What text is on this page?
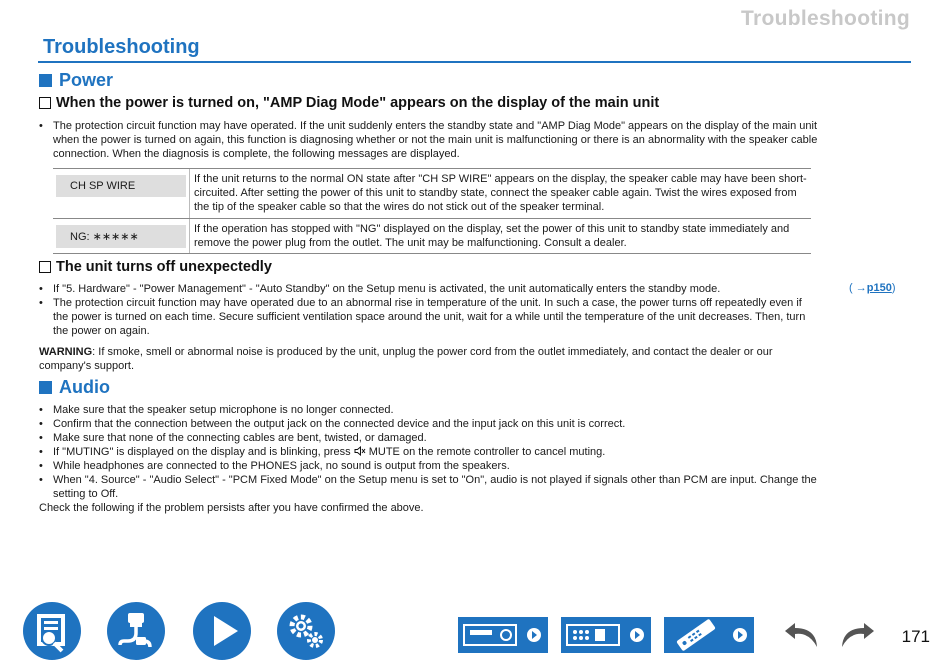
Troubleshooting
Troubleshooting
Power
When the power is turned on, "AMP Diag Mode" appears on the display of the main unit
• The protection circuit function may have operated. If the unit suddenly enters the standby state and "AMP Diag Mode" appears on the display of the main unit when the power is turned on again, this function is diagnosing whether or not the main unit is malfunctioning or there is an abnormality with the speaker cable connection. When the diagnosis is complete, the following messages are displayed.
CH SP WIRE
If the unit returns to the normal ON state after "CH SP WIRE" appears on the display, the speaker cable may have been short-circuited. After setting the power of this unit to standby state, connect the speaker cable again. Twist the wires exposed from the tip of the speaker cable so that the wires do not stick out of the speaker terminal.
NG: ∗∗∗∗∗
If the operation has stopped with "NG" displayed on the display, set the power of this unit to standby state immediately and remove the power plug from the outlet. The unit may be malfunctioning. Consult a dealer.
The unit turns off unexpectedly
• If "5. Hardware" - "Power Management" - "Auto Standby" on the Setup menu is activated, the unit automatically enters the standby mode.	( →p150)
• The protection circuit function may have operated due to an abnormal rise in temperature of the unit. In such a case, the power turns off repeatedly even if the power is turned on each time. Secure sufficient ventilation space around the unit, wait for a while until the temperature of the unit decreases. Then, turn the power on again.
WARNING: If smoke, smell or abnormal noise is produced by the unit, unplug the power cord from the outlet immediately, and contact the dealer or our company's support.
Audio
• Make sure that the speaker setup microphone is no longer connected.
• Confirm that the connection between the output jack on the connected device and the input jack on this unit is correct.
• Make sure that none of the connecting cables are bent, twisted, or damaged.
• If "MUTING" is displayed on the display and is blinking, press  MUTE on the remote controller to cancel muting.
• While headphones are connected to the PHONES jack, no sound is output from the speakers.
• When "4. Source" - "Audio Select" - "PCM Fixed Mode" on the Setup menu is set to "On", audio is not played if signals other than PCM are input. Change the setting to Off.
Check the following if the problem persists after you have confirmed the above.
171
